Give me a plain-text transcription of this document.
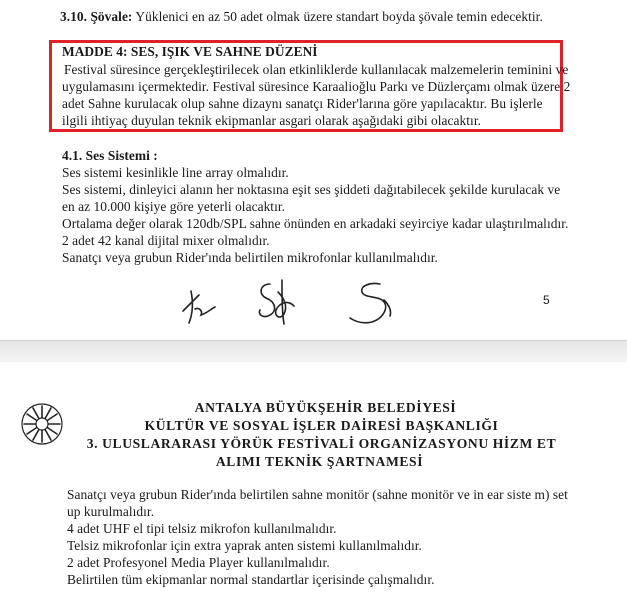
3.10. Şövale: Yüklenici en az 50 adet olmak üzere standart boyda şövale temin edecektir.
MADDE 4: SES, IŞIK VE SAHNE DÜZENİ
Festival süresince gerçekleştirilecek olan etkinliklerde kullanılacak malzemelerin teminini ve
uygulamasını içermektedir. Festival süresince Karaalioğlu Parkı ve Düzlerçamı olmak üzere 2
adet Sahne kurulacak olup sahne dizaynı sanatçı Rider'larına göre yapılacaktır. Bu işlerle
ilgili ihtiyaç duyulan teknik ekipmanlar asgari olarak aşağıdaki gibi olacaktır.
4.1. Ses Sistemi :
Ses sistemi kesinlikle line array olmalıdır.
Ses sistemi, dinleyici alanın her noktasına eşit ses şiddeti dağıtabilecek şekilde kurulacak ve
en az 10.000 kişiye göre yeterli olacaktır.
Ortalama değer olarak 120db/SPL sahne önünden en arkadaki seyirciye kadar ulaştırılmalıdır.
2 adet 42 kanal dijital mixer olmalıdır.
Sanatçı veya grubun Rider'ında belirtilen mikrofonlar kullanılmalıdır.
5
ANTALYA BÜYÜKŞEHİR BELEDİYESİ
KÜLTÜR VE SOSYAL İŞLER DAİRESİ BAŞKANLIĞI
3. ULUSLARARASI YÖRÜK FESTİVALİ ORGANİZASYONU HİZM ET
ALIMI TEKNİK ŞARTNAMESİ
Sanatçı veya grubun Rider'ında belirtilen sahne monitör (sahne monitör ve in ear siste m) set
up kurulmalıdır.
4 adet UHF el tipi telsiz mikrofon kullanılmalıdır.
Telsiz mikrofonlar için extra yaprak anten sistemi kullanılmalıdır.
2 adet Profesyonel Media Player kullanılmalıdır.
Belirtilen tüm ekipmanlar normal standartlar içerisinde çalışmalıdır.
